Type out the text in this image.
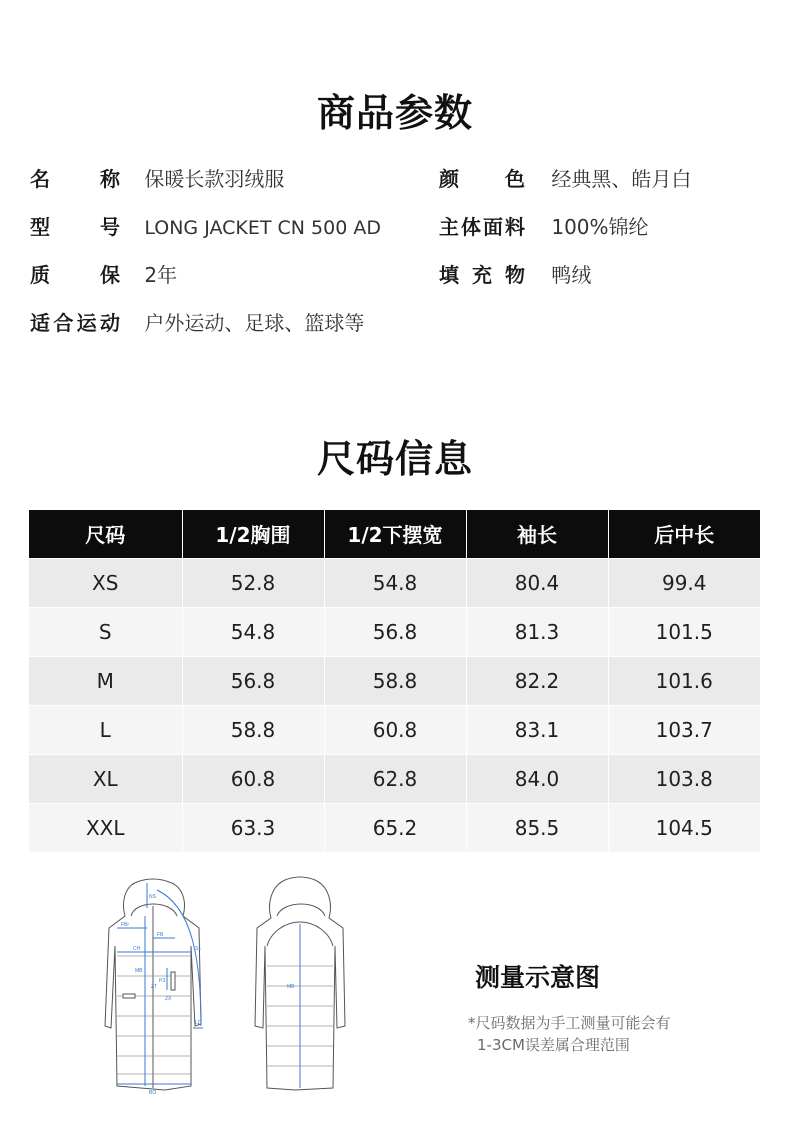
商品参数
名称 保暖长款羽绒服	颜色 经典黑、皓月白
型号 LONG JACKET CN 500 AD	主体面料 100%锦纶
质保 2年	填充物 鸭绒
适合运动 户外运动、足球、篮球等
尺码信息
尺码	1/2胸围	1/2下摆宽	袖长	后中长
XS	52.8	54.8	80.4	99.4
S	54.8	56.8	81.3	101.5
M	56.8	58.8	82.2	101.6
L	58.8	60.8	83.1	103.7
XL	60.8	62.8	84.0	103.8
XXL	63.3	65.2	85.5	104.5
NS
FBr
FB
CH	S1
MB
P3
ZT
ZX
LD
BO
MB	测量示意图
*尺码数据为手工测量可能会有
1-3CM误差属合理范围
